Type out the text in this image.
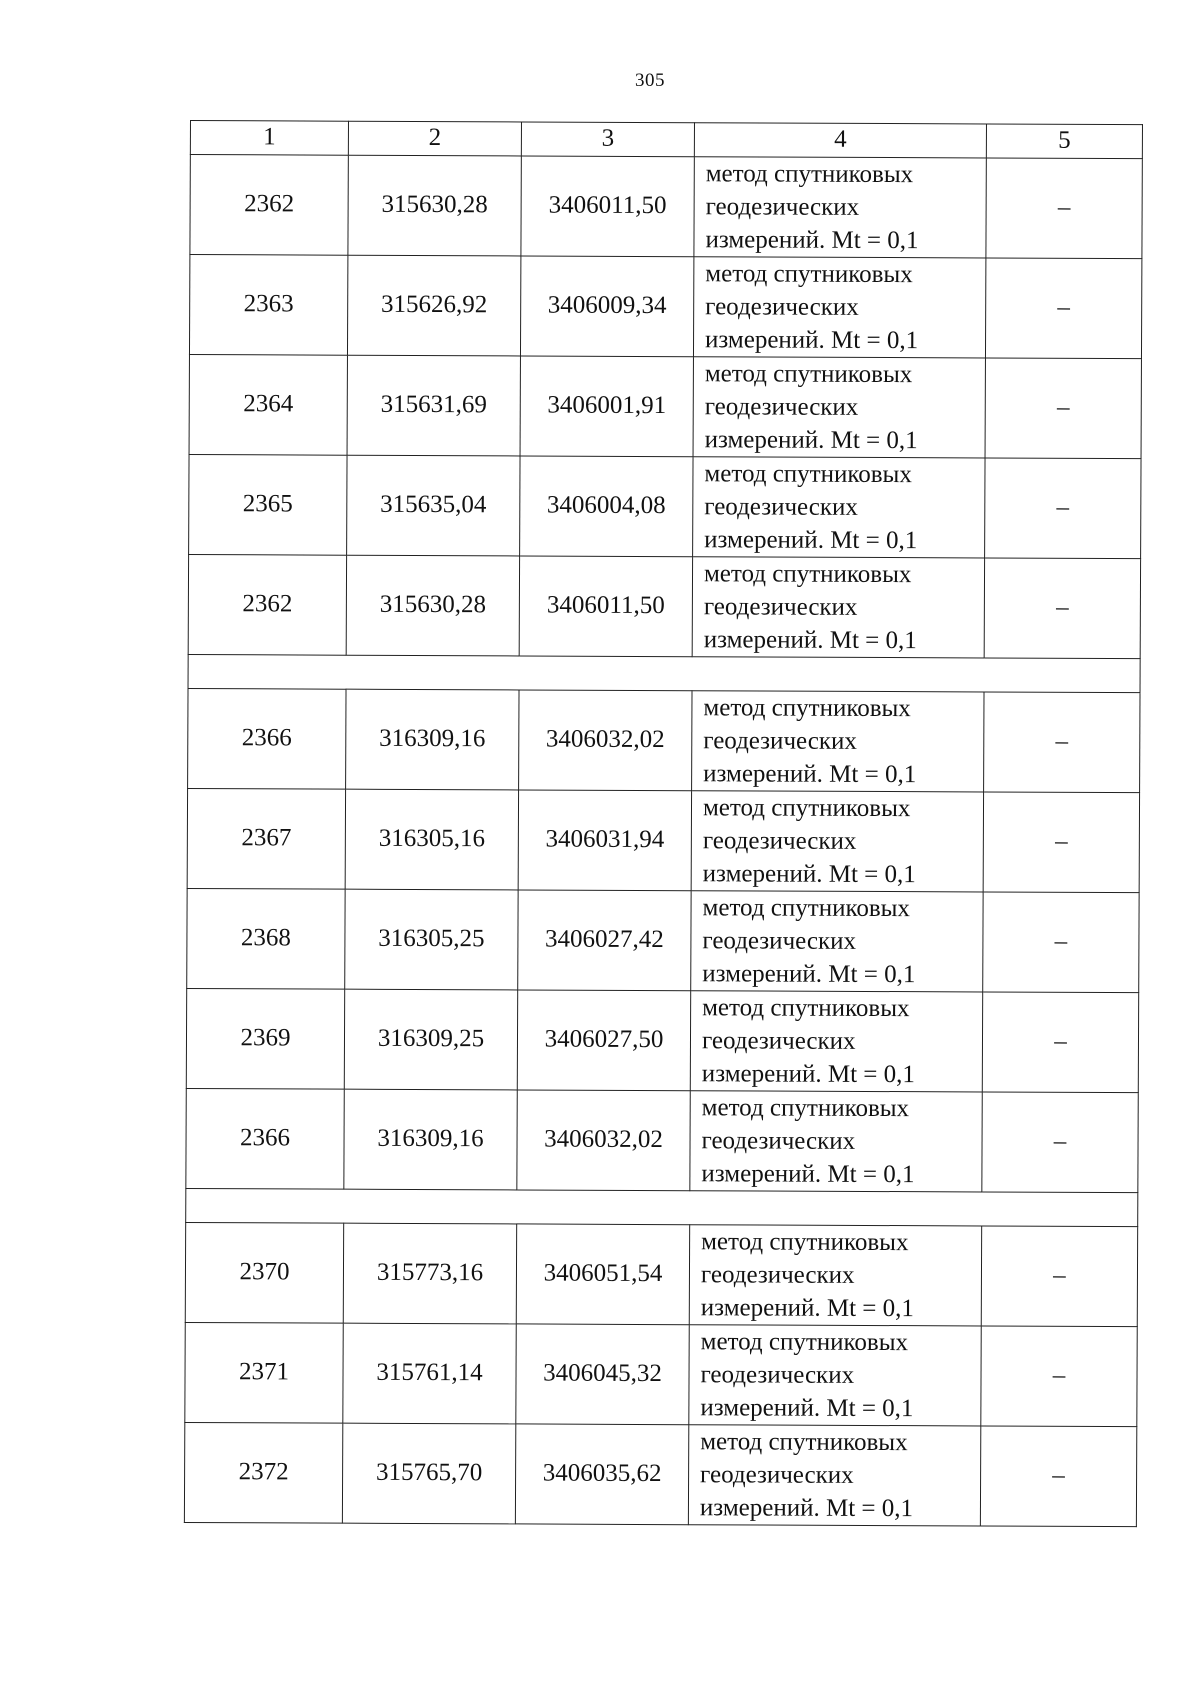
305
1	2	3	4	5
2362	315630,28	3406011,50	метод спутниковых
геодезических
измерений. Mt = 0,1	–
2363	315626,92	3406009,34	метод спутниковых
геодезических
измерений. Mt = 0,1	–
2364	315631,69	3406001,91	метод спутниковых
геодезических
измерений. Mt = 0,1	–
2365	315635,04	3406004,08	метод спутниковых
геодезических
измерений. Mt = 0,1	–
2362	315630,28	3406011,50	метод спутниковых
геодезических
измерений. Mt = 0,1	–

2366	316309,16	3406032,02	метод спутниковых
геодезических
измерений. Mt = 0,1	–
2367	316305,16	3406031,94	метод спутниковых
геодезических
измерений. Mt = 0,1	–
2368	316305,25	3406027,42	метод спутниковых
геодезических
измерений. Mt = 0,1	–
2369	316309,25	3406027,50	метод спутниковых
геодезических
измерений. Mt = 0,1	–
2366	316309,16	3406032,02	метод спутниковых
геодезических
измерений. Mt = 0,1	–

2370	315773,16	3406051,54	метод спутниковых
геодезических
измерений. Mt = 0,1	–
2371	315761,14	3406045,32	метод спутниковых
геодезических
измерений. Mt = 0,1	–
2372	315765,70	3406035,62	метод спутниковых
геодезических
измерений. Mt = 0,1	–
